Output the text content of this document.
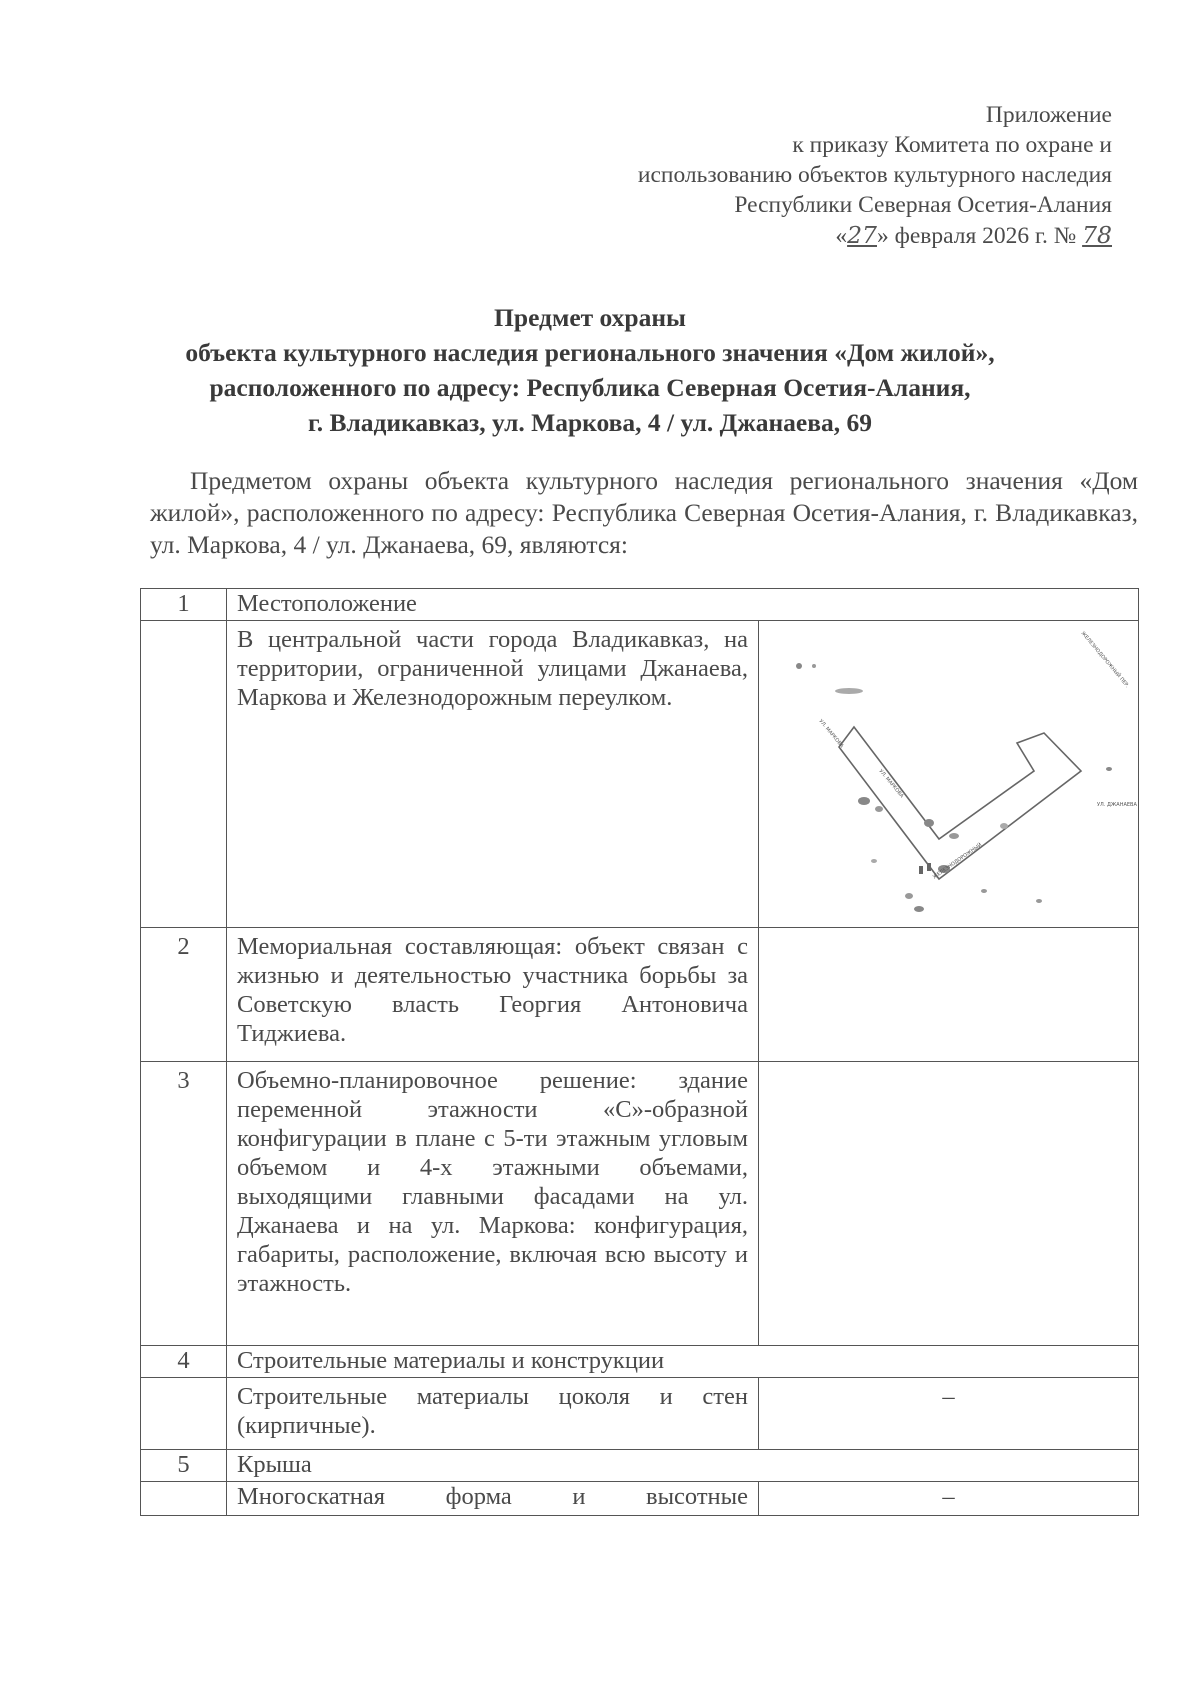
Приложение
к приказу Комитета по охране и
использованию объектов культурного наследия
Республики Северная Осетия-Алания
«27» февраля 2026 г. № 78
Предмет охраны
объекта культурного наследия регионального значения «Дом жилой»,
расположенного по адресу: Республика Северная Осетия-Алания,
г. Владикавказ, ул. Маркова, 4 / ул. Джанаева, 69
Предметом охраны объекта культурного наследия регионального значения «Дом жилой», расположенного по адресу: Республика Северная Осетия-Алания, г. Владикавказ, ул. Маркова, 4 / ул. Джанаева, 69, являются:
1	Местоположение	
	В центральной части города Владикавказ, на территории, ограниченной улицами Джанаева, Маркова и Железнодорожным переулком.	УЛ. МАРКОВА
УЛ. МАРКОВА
УЛ. ДЖАНАЕВА
ЖЕЛЕЗНОДОРОЖНЫЙ
ЖЕЛЕЗНОДОРОЖНЫЙ ПЕР.

2	Мемориальная составляющая: объект связан с жизнью и деятельностью участника борьбы за Советскую власть Георгия Антоновича Тиджиева.	
3	Объемно-планировочное решение: здание переменной этажности «С»-образной конфигурации в плане с 5-ти этажным угловым объемом и 4-х этажными объемами, выходящими главными фасадами на ул. Джанаева и на ул. Маркова: конфигурация, габариты, расположение, включая всю высоту и этажность.	
4	Строительные материалы и конструкции	
	Строительные материалы цоколя и стен (кирпичные).	–
5	Крыша	
	Многоскатная форма и высотные	–
